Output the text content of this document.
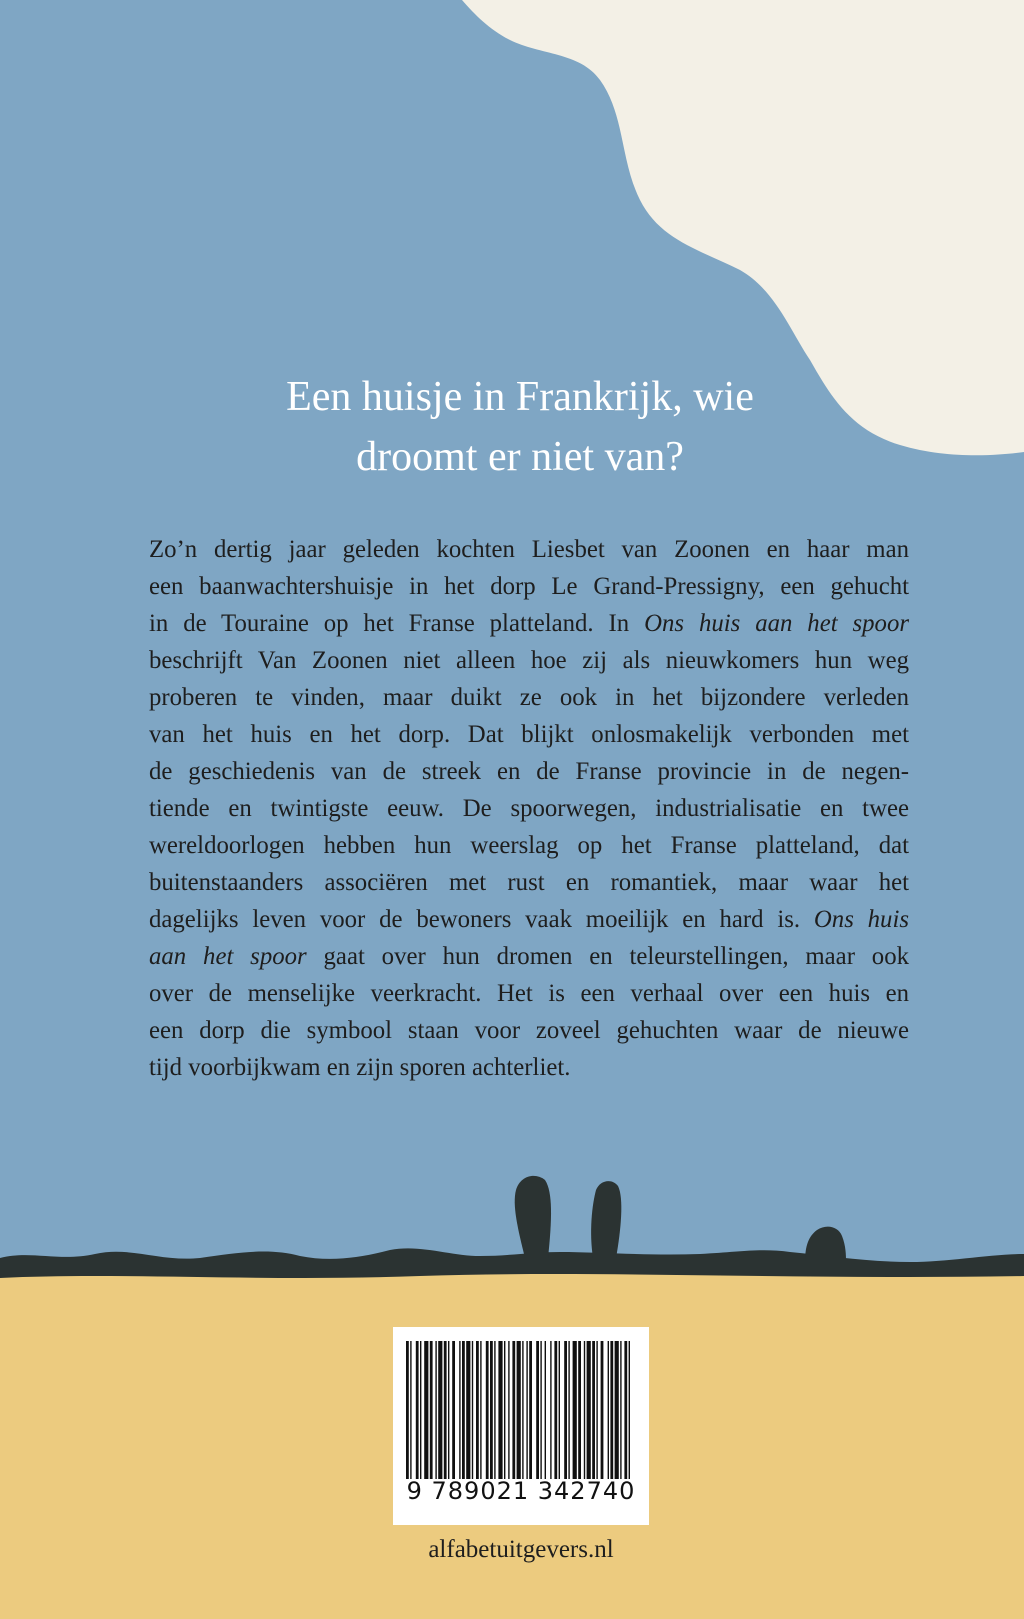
Een huisje in Frankrijk, wie
droomt er niet van?
Zo’n dertig jaar geleden kochten Liesbet van Zoonen en haar man
een baanwachtershuisje in het dorp Le Grand-Pressigny, een gehucht
in de Touraine op het Franse platteland. In Ons huis aan het spoor
beschrijft Van Zoonen niet alleen hoe zij als nieuwkomers hun weg
proberen te vinden, maar duikt ze ook in het bijzondere verleden
van het huis en het dorp. Dat blijkt onlosmakelijk verbonden met
de geschiedenis van de streek en de Franse provincie in de negen-
tiende en twintigste eeuw. De spoorwegen, industrialisatie en twee
wereldoorlogen hebben hun weerslag op het Franse platteland, dat
buitenstaanders associëren met rust en romantiek, maar waar het
dagelijks leven voor de bewoners vaak moeilijk en hard is. Ons huis
aan het spoor gaat over hun dromen en teleurstellingen, maar ook
over de menselijke veerkracht. Het is een verhaal over een huis en
een dorp die symbool staan voor zoveel gehuchten waar de nieuwe
tijd voorbijkwam en zijn sporen achterliet.
9 789021 342740
alfabetuitgevers.nl
